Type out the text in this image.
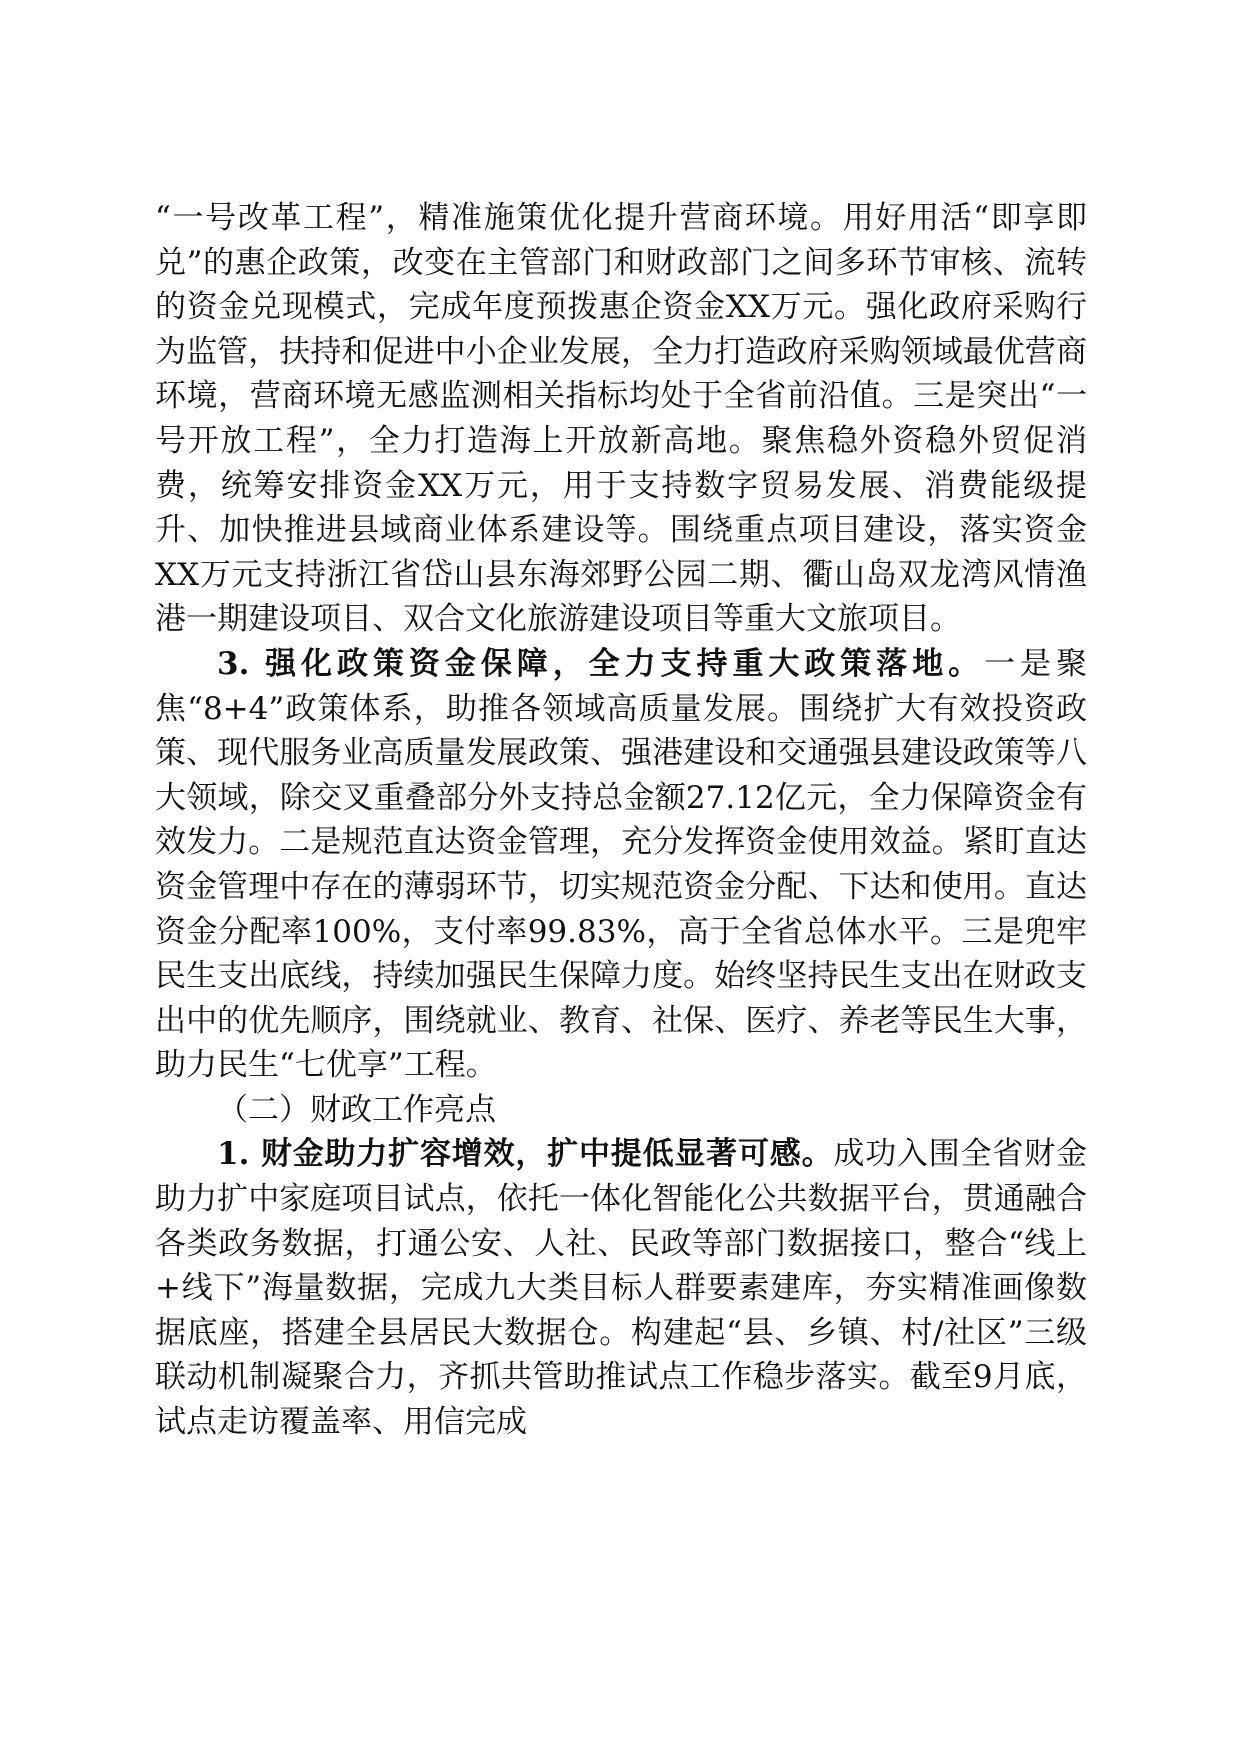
“一号改革工程”，精准施策优化提升营商环境。用好用活“即享即兑”的惠企政策，改变在主管部门和财政部门之间多环节审核、流转的资金兑现模式，完成年度预拨惠企资金XX万元。强化政府采购行为监管，扶持和促进中小企业发展，全力打造政府采购领域最优营商环境，营商环境无感监测相关指标均处于全省前沿值。三是突出“一号开放工程”，全力打造海上开放新高地。聚焦稳外资稳外贸促消费，统筹安排资金XX万元，用于支持数字贸易发展、消费能级提升、加快推进县域商业体系建设等。围绕重点项目建设，落实资金 XX万元支持浙江省岱山县东海郊野公园二期、衢山岛双龙湾风情渔港一期建设项目、双合文化旅游建设项目等重大文旅项目。

3. 强化政策资金保障，全力支持重大政策落地。一是聚焦“8+4”政策体系，助推各领域高质量发展。围绕扩大有效投资政策、现代服务业高质量发展政策、强港建设和交通强县建设政策等八大领域，除交叉重叠部分外支持总金额27.12亿元，全力保障资金有效发力。二是规范直达资金管理，充分发挥资金使用效益。紧盯直达资金管理中存在的薄弱环节，切实规范资金分配、下达和使用。直达资金分配率100%，支付率99.83%，高于全省总体水平。三是兜牢民生支出底线，持续加强民生保障力度。始终坚持民生支出在财政支出中的优先顺序，围绕就业、教育、社保、医疗、养老等民生大事，助力民生“七优享”工程。

（二）财政工作亮点

1. 财金助力扩容增效，扩中提低显著可感。成功入围全省财金助力扩中家庭项目试点，依托一体化智能化公共数据平台，贯通融合各类政务数据，打通公安、人社、民政等部门数据接口，整合“线上+线下”海量数据，完成九大类目标人群要素建库，夯实精准画像数据底座，搭建全县居民大数据仓。构建起“县、乡镇、村/社区”三级联动机制凝聚合力，齐抓共管助推试点工作稳步落实。截至9月底，试点走访覆盖率、用信完成
